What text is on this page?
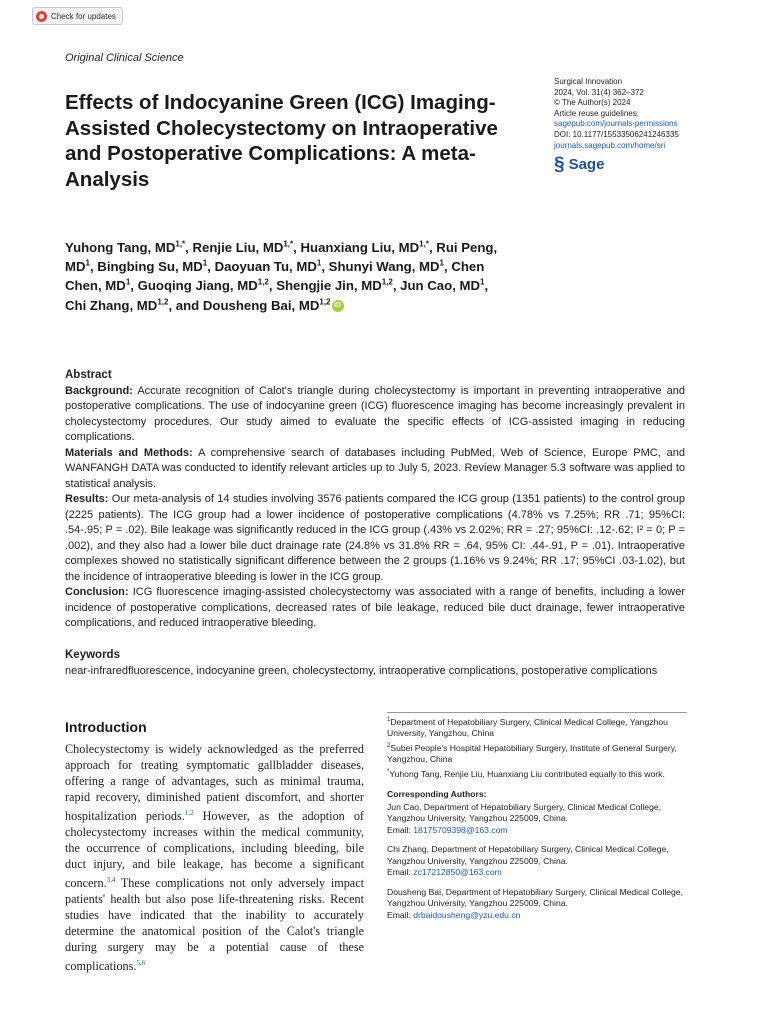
Check for updates
Original Clinical Science
Effects of Indocyanine Green (ICG) Imaging-Assisted Cholecystectomy on Intraoperative and Postoperative Complications: A meta-Analysis
Surgical Innovation
2024, Vol. 31(4) 362–372
© The Author(s) 2024
Article reuse guidelines:
sagepub.com/journals-permissions
DOI: 10.1177/15533506241246335
journals.sagepub.com/home/sri
§ Sage
Yuhong Tang, $MD^{1,*}$, Renjie Liu, $MD^{1,*}$, Huanxiang Liu, $MD^{1,*}$, Rui Peng, $MD^1$, Bingbing Su, $MD^1$, Daoyuan Tu, $MD^1$, Shunyi Wang, $MD^1$, Chen Chen, $MD^1$, Guoqing Jiang, MD$^{1,2}$, Shengjie Jin, MD$^{1,2}$, Jun Cao, $MD^1$, Chi Zhang, MD$^{1,2}$, and Dousheng Bai, MD$^{1,2}$ iD
Abstract

Background: Accurate recognition of Calot's triangle during cholecystectomy is important in preventing intraoperative and postoperative complications. The use of indocyanine green (ICG) fluorescence imaging has become increasingly prevalent in cholecystectomy procedures. Our study aimed to evaluate the specific effects of ICG-assisted imaging in reducing complications.

Materials and Methods: A comprehensive search of databases including PubMed, Web of Science, Europe PMC, and WANFANGH DATA was conducted to identify relevant articles up to July 5, 2023. Review Manager 5.3 software was applied to statistical analysis.

Results: Our meta-analysis of 14 studies involving 3576 patients compared the ICG group (1351 patients) to the control group (2225 patients). The ICG group had a lower incidence of postoperative complications (4.78% vs 7.25%; RR .71; 95%CI: .54-.95; P = .02). Bile leakage was significantly reduced in the ICG group (.43% vs 2.02%; RR = .27; 95%CI: .12-.62; I² = 0; P = .002), and they also had a lower bile duct drainage rate (24.8% vs 31.8% RR = .64, 95% CI: .44-.91, P = .01). Intraoperative complexes showed no statistically significant difference between the 2 groups (1.16% vs 9.24%; RR .17; 95%CI .03-1.02), but the incidence of intraoperative bleeding is lower in the ICG group.

Conclusion: ICG fluorescence imaging-assisted cholecystectomy was associated with a range of benefits, including a lower incidence of postoperative complications, decreased rates of bile leakage, reduced bile duct drainage, fewer intraoperative complications, and reduced intraoperative bleeding.

Keywords

near-infraredfluorescence, indocyanine green, cholecystectomy, intraoperative complications, postoperative complications

Introduction

Cholecystectomy is widely acknowledged as the preferred approach for treating symptomatic gallbladder diseases, offering a range of advantages, such as minimal trauma, rapid recovery, diminished patient discomfort, and shorter hospitalization periods.$^{1,2}$ However, as the adoption of cholecystectomy increases within the medical community, the occurrence of complications, including bleeding, bile duct injury, and bile leakage, has become a significant concern.$^{3,4}$ These complications not only adversely impact patients' health but also pose life-threatening risks. Recent studies have indicated that the inability to accurately determine the anatomical position of the Calot's triangle during surgery may be a potential cause of these complications.$^{5,6}$

$^1$Department of Hepatobiliary Surgery, Clinical Medical College, Yangzhou University, Yangzhou, China

$^2$Subei People's Hospital Hepatobiliary Surgery, Institute of General Surgery, Yangzhou, China

*Yuhong Tang, Renjie Liu, Huanxiang Liu contributed equally to this work.

Corresponding Authors:

Jun Cao, Department of Hepatobiliary Surgery, Clinical Medical College, Yangzhou University, Yangzhou 225009, China.
Email: 18175709398@163.com
Chi Zhang, Department of Hepatobiliary Surgery, Clinical Medical College, Yangzhou University, Yangzhou 225009, China.
Email: zc17212850@163.com
Dousheng Bai, Department of Hepatobiliary Surgery, Clinical Medical College, Yangzhou University, Yangzhou 225009, China.
Email: drbaidousheng@yzu.edu.cn
